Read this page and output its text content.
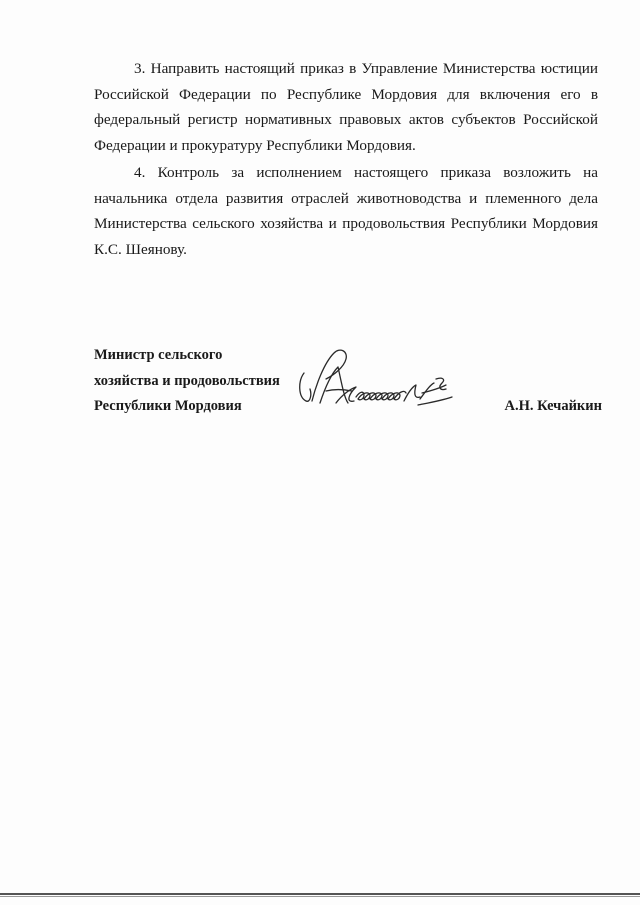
3. Направить настоящий приказ в Управление Министерства юстиции Российской Федерации по Республике Мордовия для включения его в федеральный регистр нормативных правовых актов субъектов Российской Федерации и прокуратуру Республики Мордовия.

4. Контроль за исполнением настоящего приказа возложить на начальника отдела развития отраслей животноводства и племенного дела Министерства сельского хозяйства и продовольствия Республики Мордовия К.С. Шеянову.

Министр сельского
хозяйства и продовольствия
Республики Мордовия	А.Н. Кечайкин
